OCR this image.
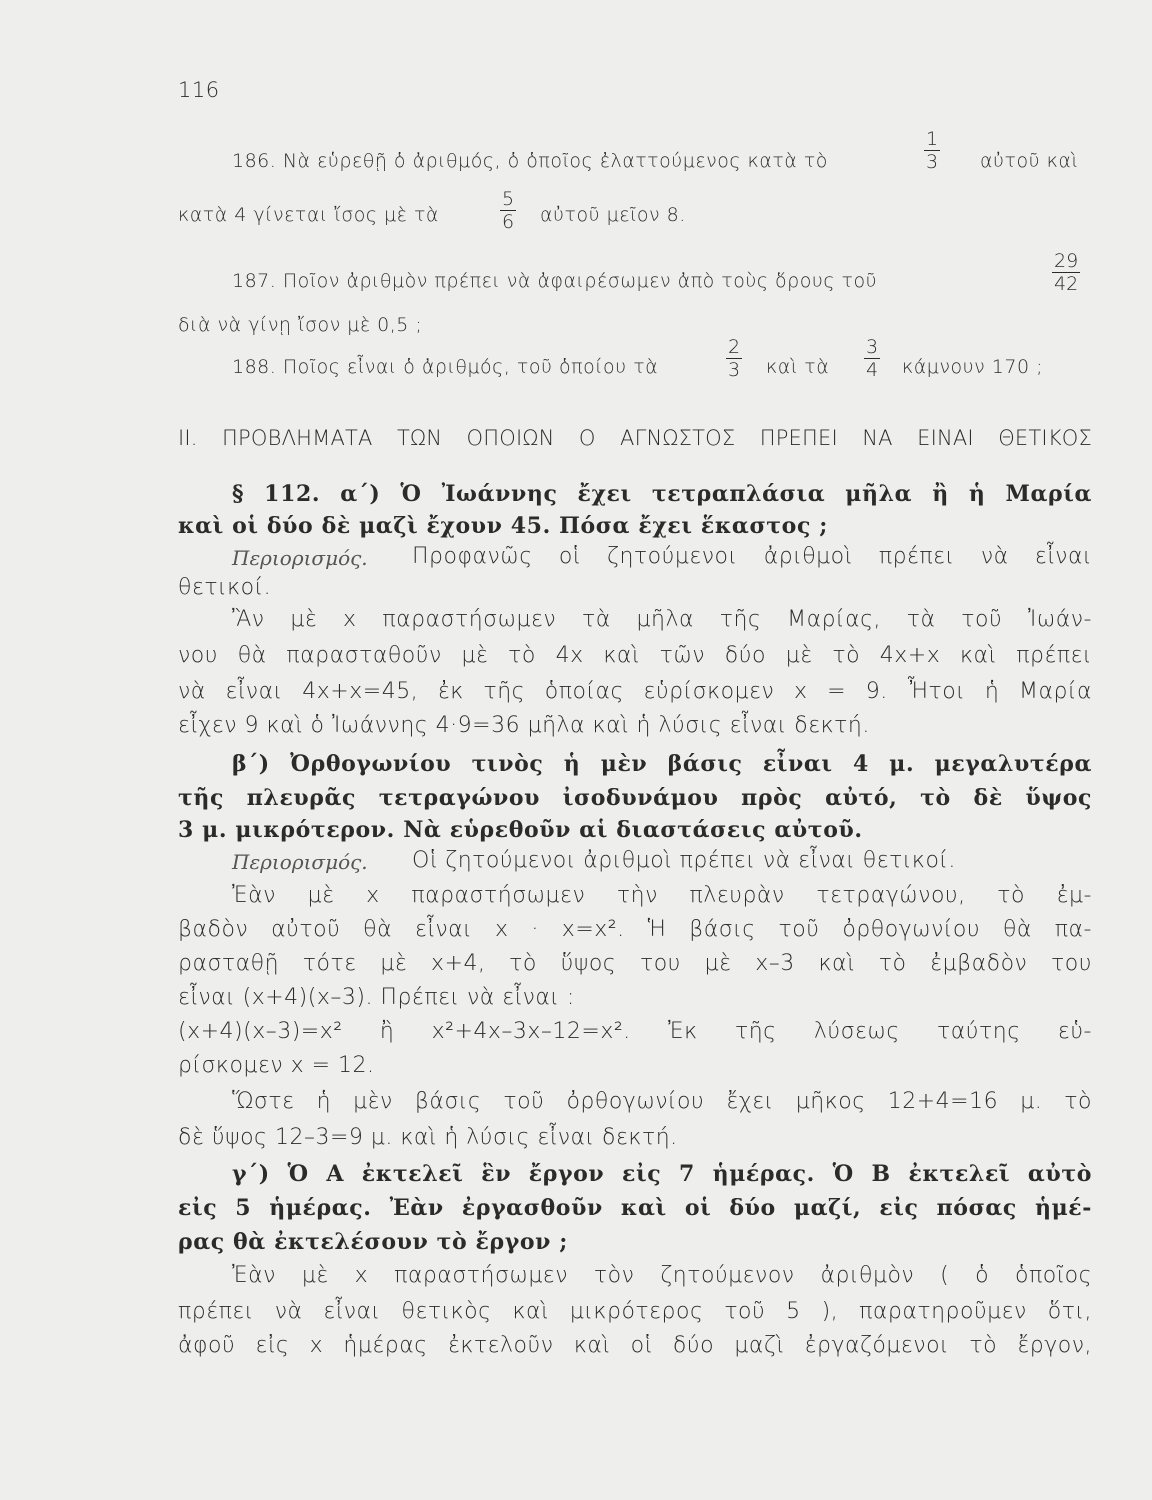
116
186. Νὰ εὑρεθῇ ὁ ἀριθμός, ὁ ὁποῖος ἐλαττούμενος κατὰ τὸ	$\frac{1}{3}$ αὐτοῦ καὶ
κατὰ 4 γίνεται ἴσος μὲ τὰ	$\frac{5}{6}$ αὐτοῦ μεῖον 8.
187. Ποῖον ἀριθμὸν πρέπει νὰ ἀφαιρέσωμεν ἀπὸ τοὺς ὅρους τοῦ	$\frac{29}{42}$
διὰ νὰ γίνῃ ἴσον μὲ 0,5 ;
188. Ποῖος εἶναι ὁ ἀριθμός, τοῦ ὁποίου τὰ	$\frac{2}{3}$ καὶ τὰ $\frac{3}{4}$ κάμνουν 170 ;
ΙΙ. ΠΡΟΒΛΗΜΑΤΑ ΤΩΝ ΟΠΟΙΩΝ Ο ΑΓΝΩΣΤΟΣ ΠΡΕΠΕΙ ΝΑ ΕΙΝΑΙ ΘΕΤΙΚΟΣ
§ 112. α΄) Ὁ Ἰωάννης ἔχει τετραπλάσια μῆλα ἢ ἡ Μαρία
καὶ οἱ δύο δὲ μαζὶ ἔχουν 45. Πόσα ἔχει ἕκαστος ;
Περιορισμός. Προφανῶς οἱ ζητούμενοι ἀριθμοὶ πρέπει νὰ εἶναι
θετικοί.
Ἂν μὲ x παραστήσωμεν τὰ μῆλα τῆς Μαρίας, τὰ τοῦ Ἰωάν-
νου θὰ παρασταθοῦν μὲ τὸ 4x καὶ τῶν δύο μὲ τὸ 4x+x καὶ πρέπει
νὰ εἶναι 4x+x=45, ἐκ τῆς ὁποίας εὑρίσκομεν x = 9. Ἦτοι ἡ Μαρία
εἶχεν 9 καὶ ὁ Ἰωάννης 4·9=36 μῆλα καὶ ἡ λύσις εἶναι δεκτή.
β΄) Ὀρθογωνίου τινὸς ἡ μὲν βάσις εἶναι 4 μ. μεγαλυτέρα
τῆς πλευρᾶς τετραγώνου ἰσοδυνάμου πρὸς αὐτό, τὸ δὲ ὕψος
3 μ. μικρότερον. Νὰ εὑρεθοῦν αἱ διαστάσεις αὐτοῦ.
Περιορισμός. Οἱ ζητούμενοι ἀριθμοὶ πρέπει νὰ εἶναι θετικοί.
Ἐὰν μὲ x παραστήσωμεν τὴν πλευρὰν τετραγώνου, τὸ ἐμ-
βαδὸν αὐτοῦ θὰ εἶναι x · x=x². Ἡ βάσις τοῦ ὀρθογωνίου θὰ πα-
ρασταθῇ τότε μὲ x+4, τὸ ὕψος του μὲ x–3 καὶ τὸ ἐμβαδὸν του
εἶναι (x+4)(x–3). Πρέπει νὰ εἶναι :
(x+4)(x–3)=x² ἢ x²+4x–3x–12=x². Ἐκ τῆς λύσεως ταύτης εὑ-
ρίσκομεν x = 12.
Ὥστε ἡ μὲν βάσις τοῦ ὀρθογωνίου ἔχει μῆκος 12+4=16 μ. τὸ
δὲ ὕψος 12–3=9 μ. καὶ ἡ λύσις εἶναι δεκτή.
γ΄) Ὁ Α ἐκτελεῖ ἓν ἔργον εἰς 7 ἡμέρας. Ὁ Β ἐκτελεῖ αὐτὸ
εἰς 5 ἡμέρας. Ἐὰν ἐργασθοῦν καὶ οἱ δύο μαζί, εἰς πόσας ἡμέ-
ρας θὰ ἐκτελέσουν τὸ ἔργον ;
Ἐὰν μὲ x παραστήσωμεν τὸν ζητούμενον ἀριθμὸν ( ὁ ὁποῖος
πρέπει νὰ εἶναι θετικὸς καὶ μικρότερος τοῦ 5 ), παρατηροῦμεν ὅτι,
ἀφοῦ εἰς x ἡμέρας ἐκτελοῦν καὶ οἱ δύο μαζὶ ἐργαζόμενοι τὸ ἔργον,
